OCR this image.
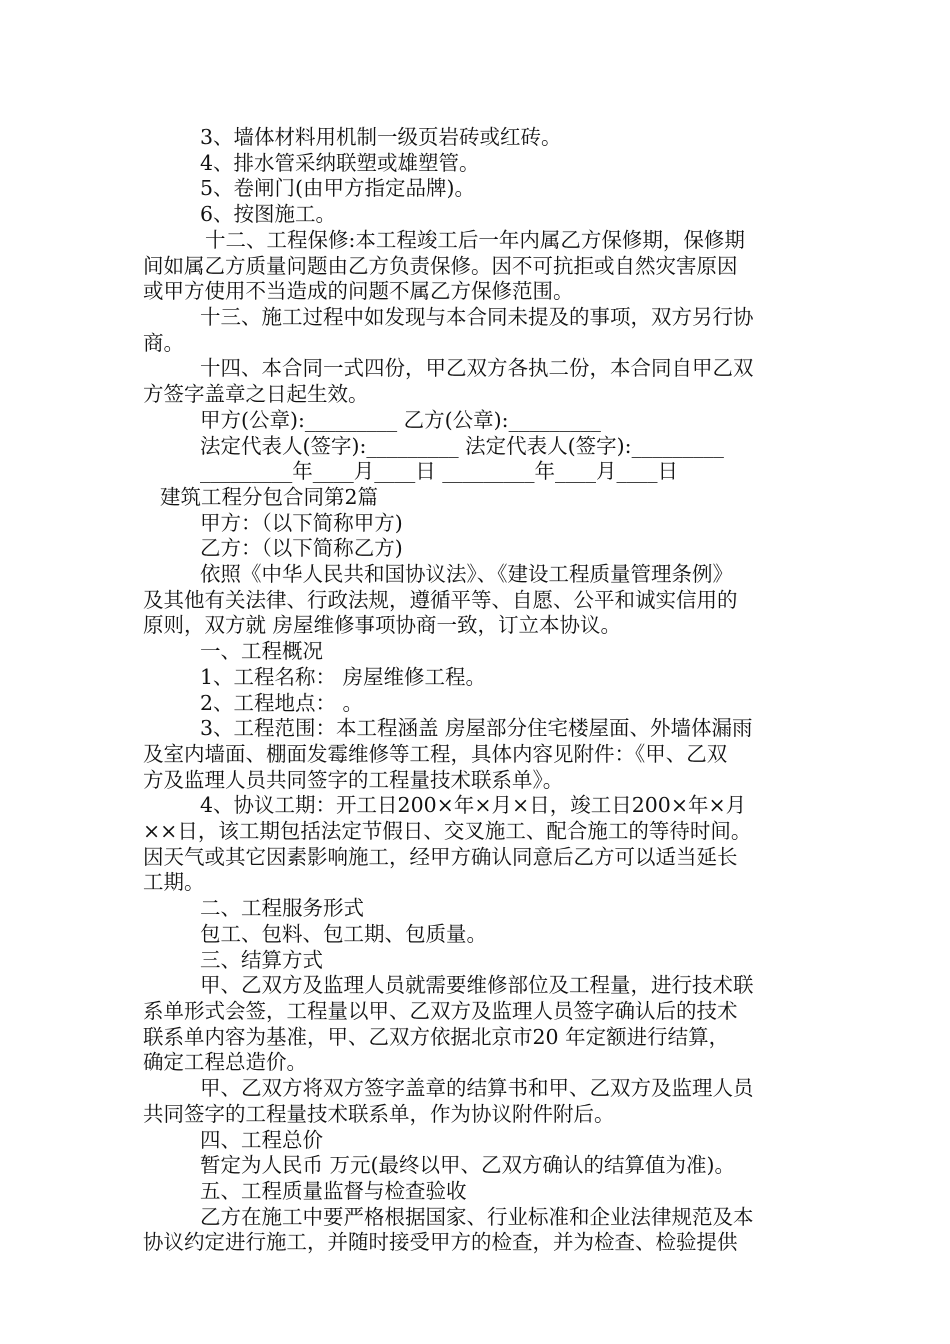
3、墙体材料用机制一级页岩砖或红砖。
4、排水管采纳联塑或雄塑管。
5、卷闸门(由甲方指定品牌)。
6、按图施工。
十二、工程保修:本工程竣工后一年内属乙方保修期，保修期
间如属乙方质量问题由乙方负责保修。因不可抗拒或自然灾害原因
或甲方使用不当造成的问题不属乙方保修范围。
十三、施工过程中如发现与本合同未提及的事项，双方另行协
商。
十四、本合同一式四份，甲乙双方各执二份，本合同自甲乙双
方签字盖章之日起生效。
甲方(公章):_________ 乙方(公章):_________
法定代表人(签字):_________ 法定代表人(签字):_________
_________年____月____日 _________年____月____日
建筑工程分包合同第2篇
甲方：（以下简称甲方)
乙方：（以下简称乙方)
依照《中华人民共和国协议法》、《建设工程质量管理条例》
及其他有关法律、行政法规，遵循平等、自愿、公平和诚实信用的
原则，双方就 房屋维修事项协商一致，订立本协议。
一、工程概况
1、工程名称： 房屋维修工程。
2、工程地点： 。
3、工程范围：本工程涵盖 房屋部分住宅楼屋面、外墙体漏雨
及室内墙面、棚面发霉维修等工程，具体内容见附件：《甲、乙双
方及监理人员共同签字的工程量技术联系单》。
4、协议工期：开工日200×年×月×日，竣工日200×年×月
××日，该工期包括法定节假日、交叉施工、配合施工的等待时间。
因天气或其它因素影响施工，经甲方确认同意后乙方可以适当延长
工期。
二、工程服务形式
包工、包料、包工期、包质量。
三、结算方式
甲、乙双方及监理人员就需要维修部位及工程量，进行技术联
系单形式会签，工程量以甲、乙双方及监理人员签字确认后的技术
联系单内容为基准，甲、乙双方依据北京市20 年定额进行结算，
确定工程总造价。
甲、乙双方将双方签字盖章的结算书和甲、乙双方及监理人员
共同签字的工程量技术联系单，作为协议附件附后。
四、工程总价
暂定为人民币 万元(最终以甲、乙双方确认的结算值为准)。
五、工程质量监督与检查验收
乙方在施工中要严格根据国家、行业标准和企业法律规范及本
协议约定进行施工，并随时接受甲方的检查，并为检查、检验提供
